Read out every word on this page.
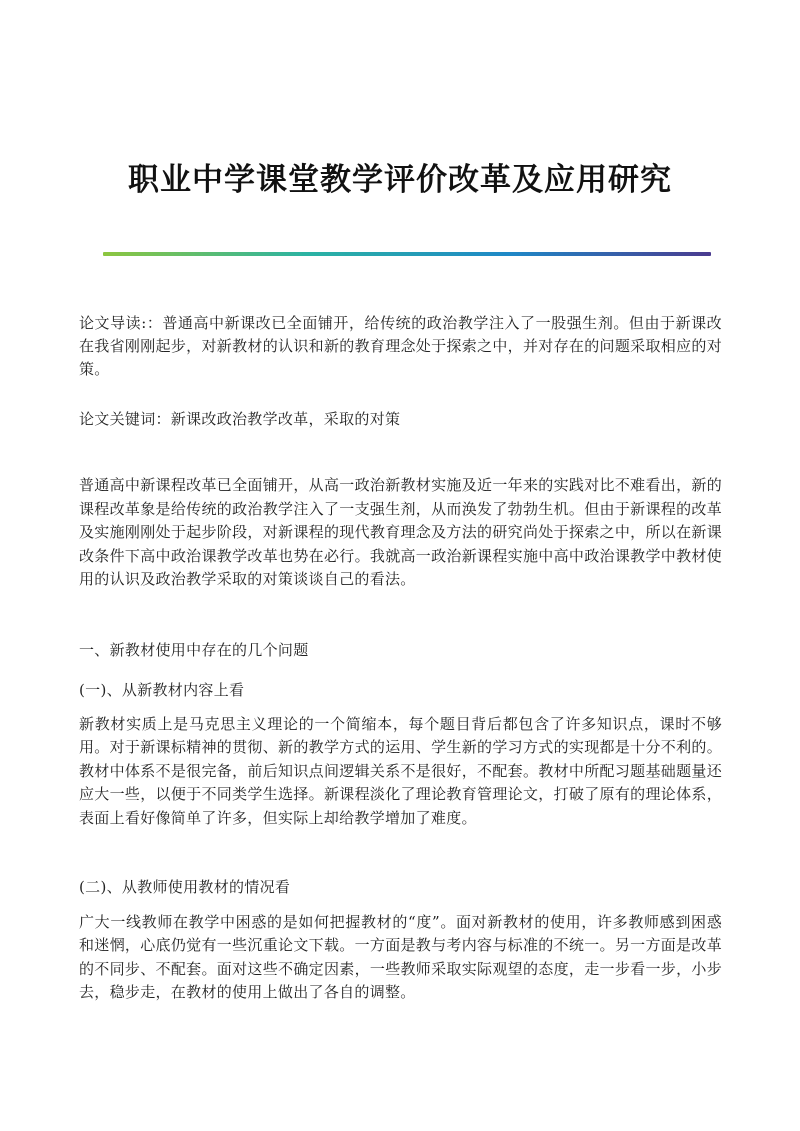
职业中学课堂教学评价改革及应用研究

论文导读:：普通高中新课改已全面铺开，给传统的政治教学注入了一股强生剂。但由于新课改在我省刚刚起步，对新教材的认识和新的教育理念处于探索之中，并对存在的问题采取相应的对策。

论文关键词：新课改政治教学改革，采取的对策

普通高中新课程改革已全面铺开，从高一政治新教材实施及近一年来的实践对比不难看出，新的课程改革象是给传统的政治教学注入了一支强生剂，从而涣发了勃勃生机。但由于新课程的改革及实施刚刚处于起步阶段，对新课程的现代教育理念及方法的研究尚处于探索之中，所以在新课改条件下高中政治课教学改革也势在必行。我就高一政治新课程实施中高中政治课教学中教材使用的认识及政治教学采取的对策谈谈自己的看法。

一、新教材使用中存在的几个问题

(一)、从新教材内容上看

新教材实质上是马克思主义理论的一个简缩本，每个题目背后都包含了许多知识点，课时不够用。对于新课标精神的贯彻、新的教学方式的运用、学生新的学习方式的实现都是十分不利的。教材中体系不是很完备，前后知识点间逻辑关系不是很好，不配套。教材中所配习题基础题量还应大一些，以便于不同类学生选择。新课程淡化了理论教育管理论文，打破了原有的理论体系，表面上看好像简单了许多，但实际上却给教学增加了难度。

(二)、从教师使用教材的情况看

广大一线教师在教学中困惑的是如何把握教材的“度”。面对新教材的使用，许多教师感到困惑和迷惘，心底仍觉有一些沉重论文下载。一方面是教与考内容与标准的不统一。另一方面是改革的不同步、不配套。面对这些不确定因素，一些教师采取实际观望的态度，走一步看一步，小步去，稳步走，在教材的使用上做出了各自的调整。
